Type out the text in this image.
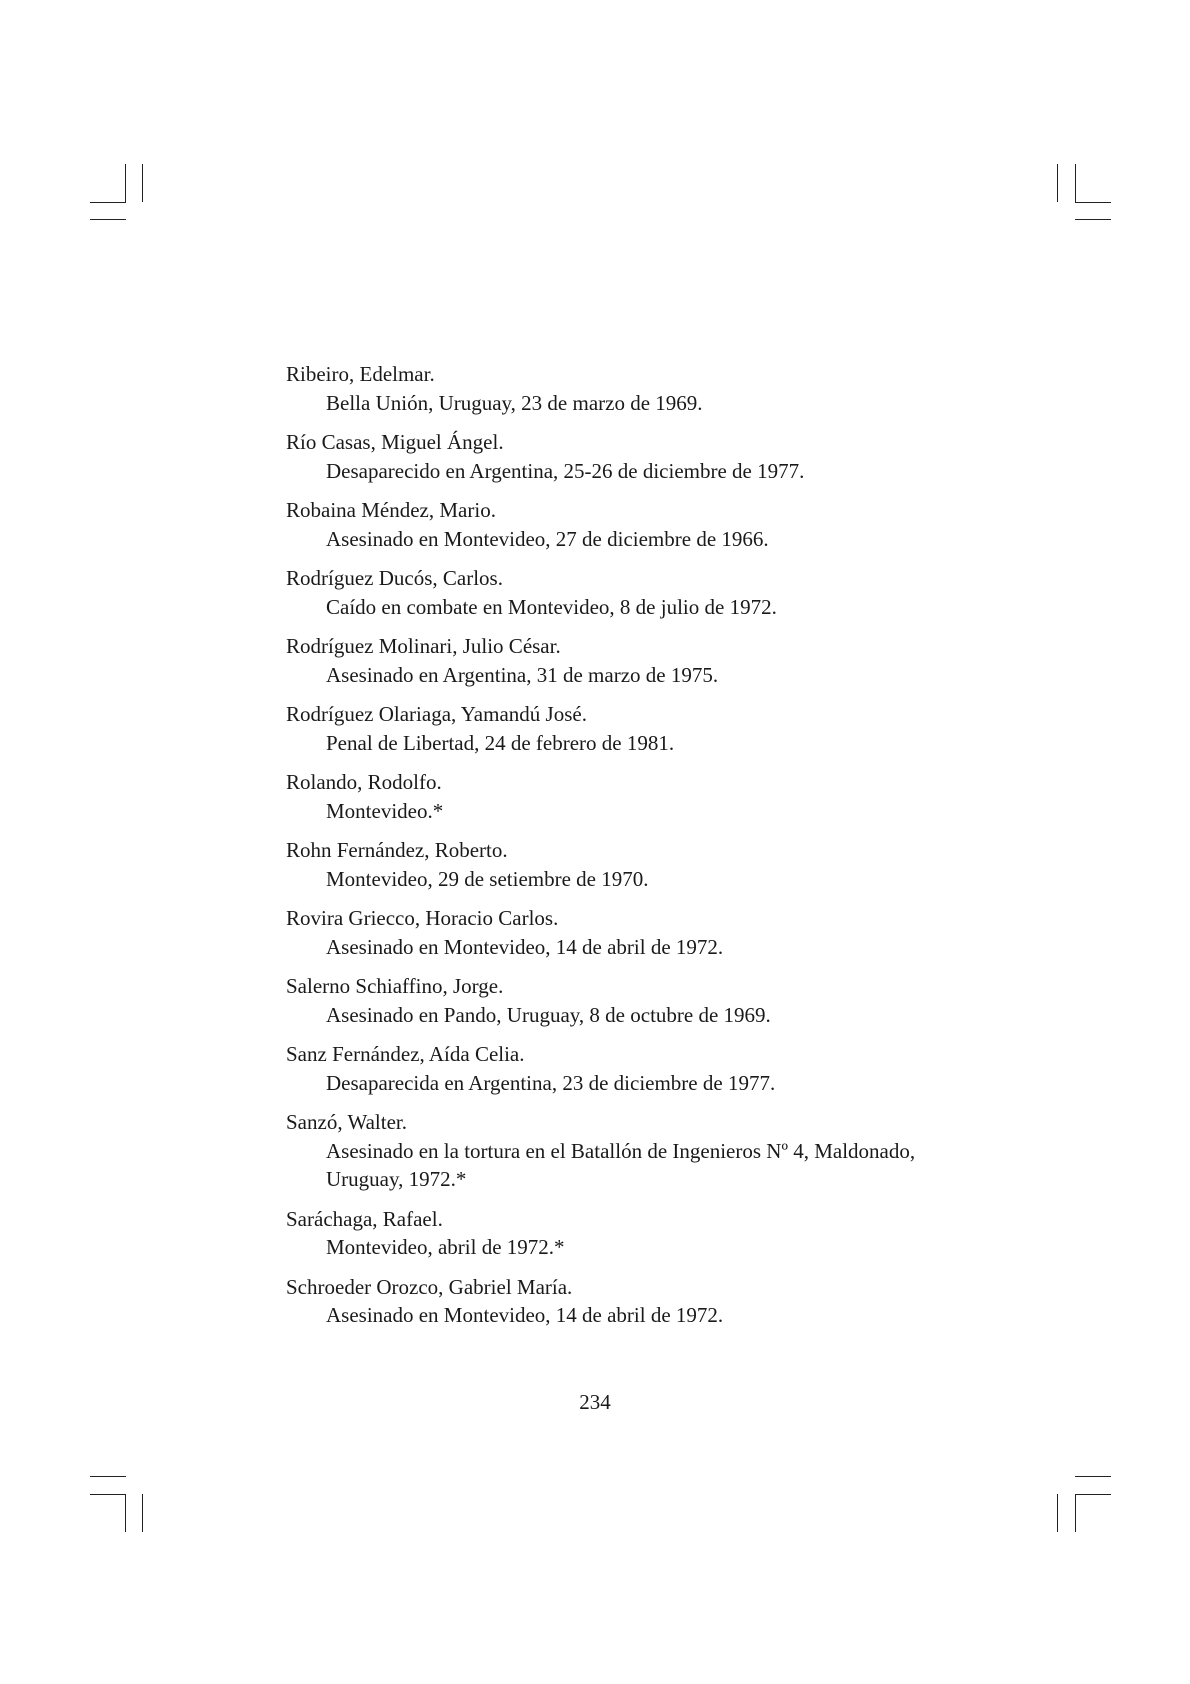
Ribeiro, Edelmar.
Bella Unión, Uruguay, 23 de marzo de 1969.
Río Casas, Miguel Ángel.
Desaparecido en Argentina, 25-26 de diciembre de 1977.
Robaina Méndez, Mario.
Asesinado en Montevideo, 27 de diciembre de 1966.
Rodríguez Ducós, Carlos.
Caído en combate en Montevideo, 8 de julio de 1972.
Rodríguez Molinari, Julio César.
Asesinado en Argentina, 31 de marzo de 1975.
Rodríguez Olariaga, Yamandú José.
Penal de Libertad, 24 de febrero de 1981.
Rolando, Rodolfo.
Montevideo.*
Rohn Fernández, Roberto.
Montevideo, 29 de setiembre de 1970.
Rovira Griecco, Horacio Carlos.
Asesinado en Montevideo, 14 de abril de 1972.
Salerno Schiaffino, Jorge.
Asesinado en Pando, Uruguay, 8 de octubre de 1969.
Sanz Fernández, Aída Celia.
Desaparecida en Argentina, 23 de diciembre de 1977.
Sanzó, Walter.
Asesinado en la tortura en el Batallón de Ingenieros Nº 4, Maldonado, Uruguay, 1972.*
Saráchaga, Rafael.
Montevideo, abril de 1972.*
Schroeder Orozco, Gabriel María.
Asesinado en Montevideo, 14 de abril de 1972.
234
